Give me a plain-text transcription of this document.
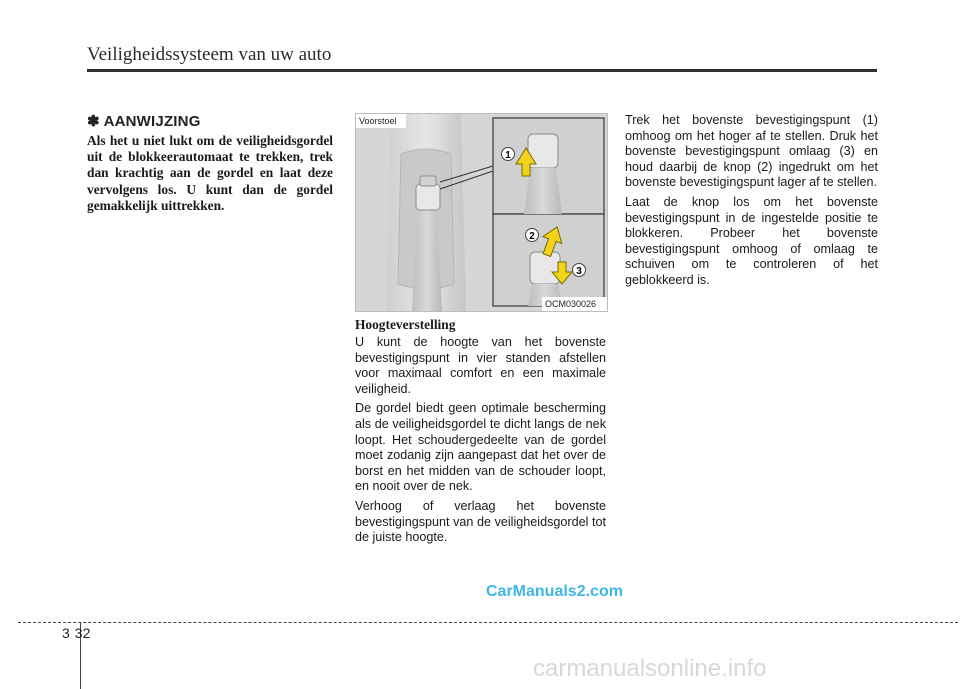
Veiligheidssysteem van uw auto

✽ AANWIJZING

Als het u niet lukt om de veiligheidsgordel uit de blokkeerautomaat te trekken, trek dan krachtig aan de gordel en laat deze vervolgens los. U kunt dan de gordel gemakkelijk uittrekken.

1
2
3
Voorstoel
OCM030026

Hoogteverstelling

U kunt de hoogte van het bovenste bevestigingspunt in vier standen afstellen voor maximaal comfort en een maximale veiligheid.

De gordel biedt geen optimale bescherming als de veiligheidsgordel te dicht langs de nek loopt. Het schoudergedeelte van de gordel moet zodanig zijn aangepast dat het over de borst en het midden van de schouder loopt, en nooit over de nek.

Verhoog of verlaag het bovenste bevestigingspunt van de veiligheidsgordel tot de juiste hoogte.

Trek het bovenste bevestigingspunt (1) omhoog om het hoger af te stellen. Druk het bovenste bevestigingspunt omlaag (3) en houd daarbij de knop (2) ingedrukt om het bovenste bevestigingspunt lager af te stellen.

Laat de knop los om het bovenste bevestigingspunt in de ingestelde positie te blokkeren. Probeer het bovenste bevestigingspunt omhoog of omlaag te schuiven om te controleren of het geblokkeerd is.

CarManuals2.com
3 32
carmanualsonline.info
